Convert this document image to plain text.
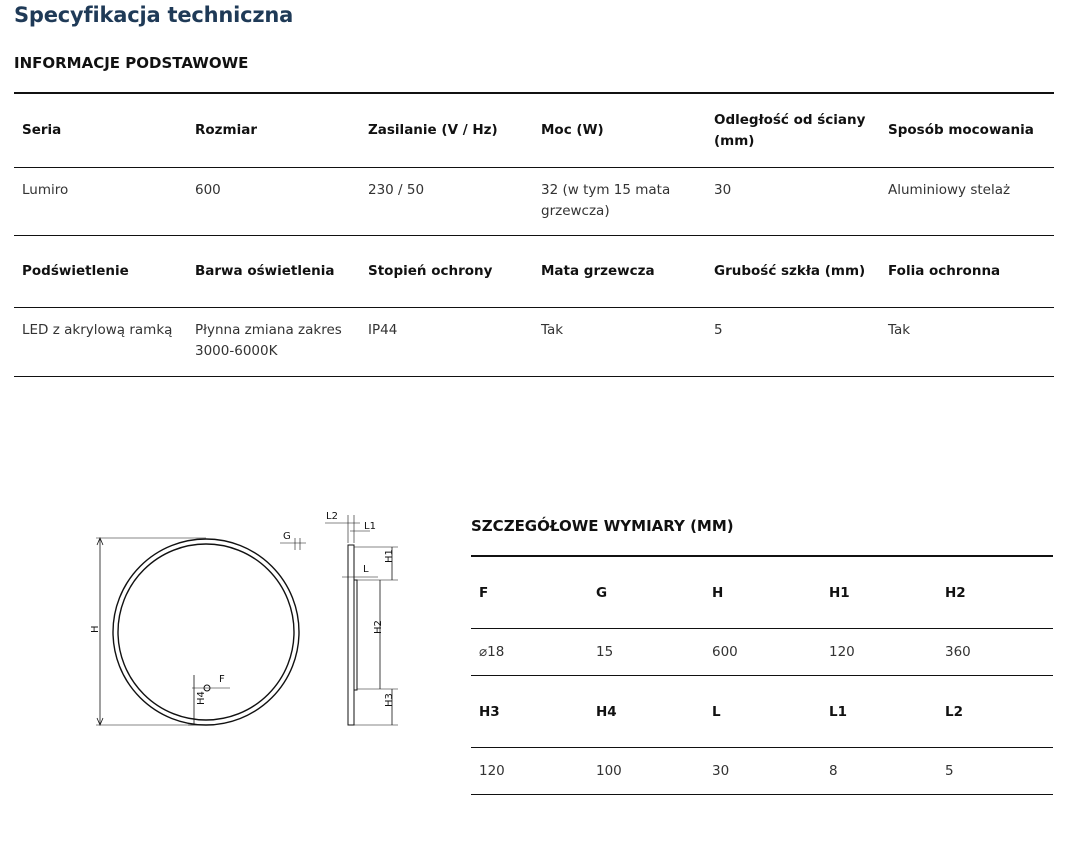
Specyfikacja techniczna
INFORMACJE PODSTAWOWE
Seria	Rozmiar	Zasilanie (V / Hz)	Moc (W)	Odległość od ściany (mm)	Sposób mocowania
Lumiro	600	230 / 50	32 (w tym 15 mata grzewcza)	30	Aluminiowy stelaż
Podświetlenie	Barwa oświetlenia	Stopień ochrony	Mata grzewcza	Grubość szkła (mm)	Folia ochronna
LED z akrylową ramką	Płynna zmiana zakres 3000-6000K	IP44	Tak	5	Tak
H
G
F
H4
L2
L1
L
H1
H2
H3
SZCZEGÓŁOWE WYMIARY (MM)
F	G	H	H1	H2
⌀18	15	600	120	360
H3	H4	L	L1	L2
120	100	30	8	5
